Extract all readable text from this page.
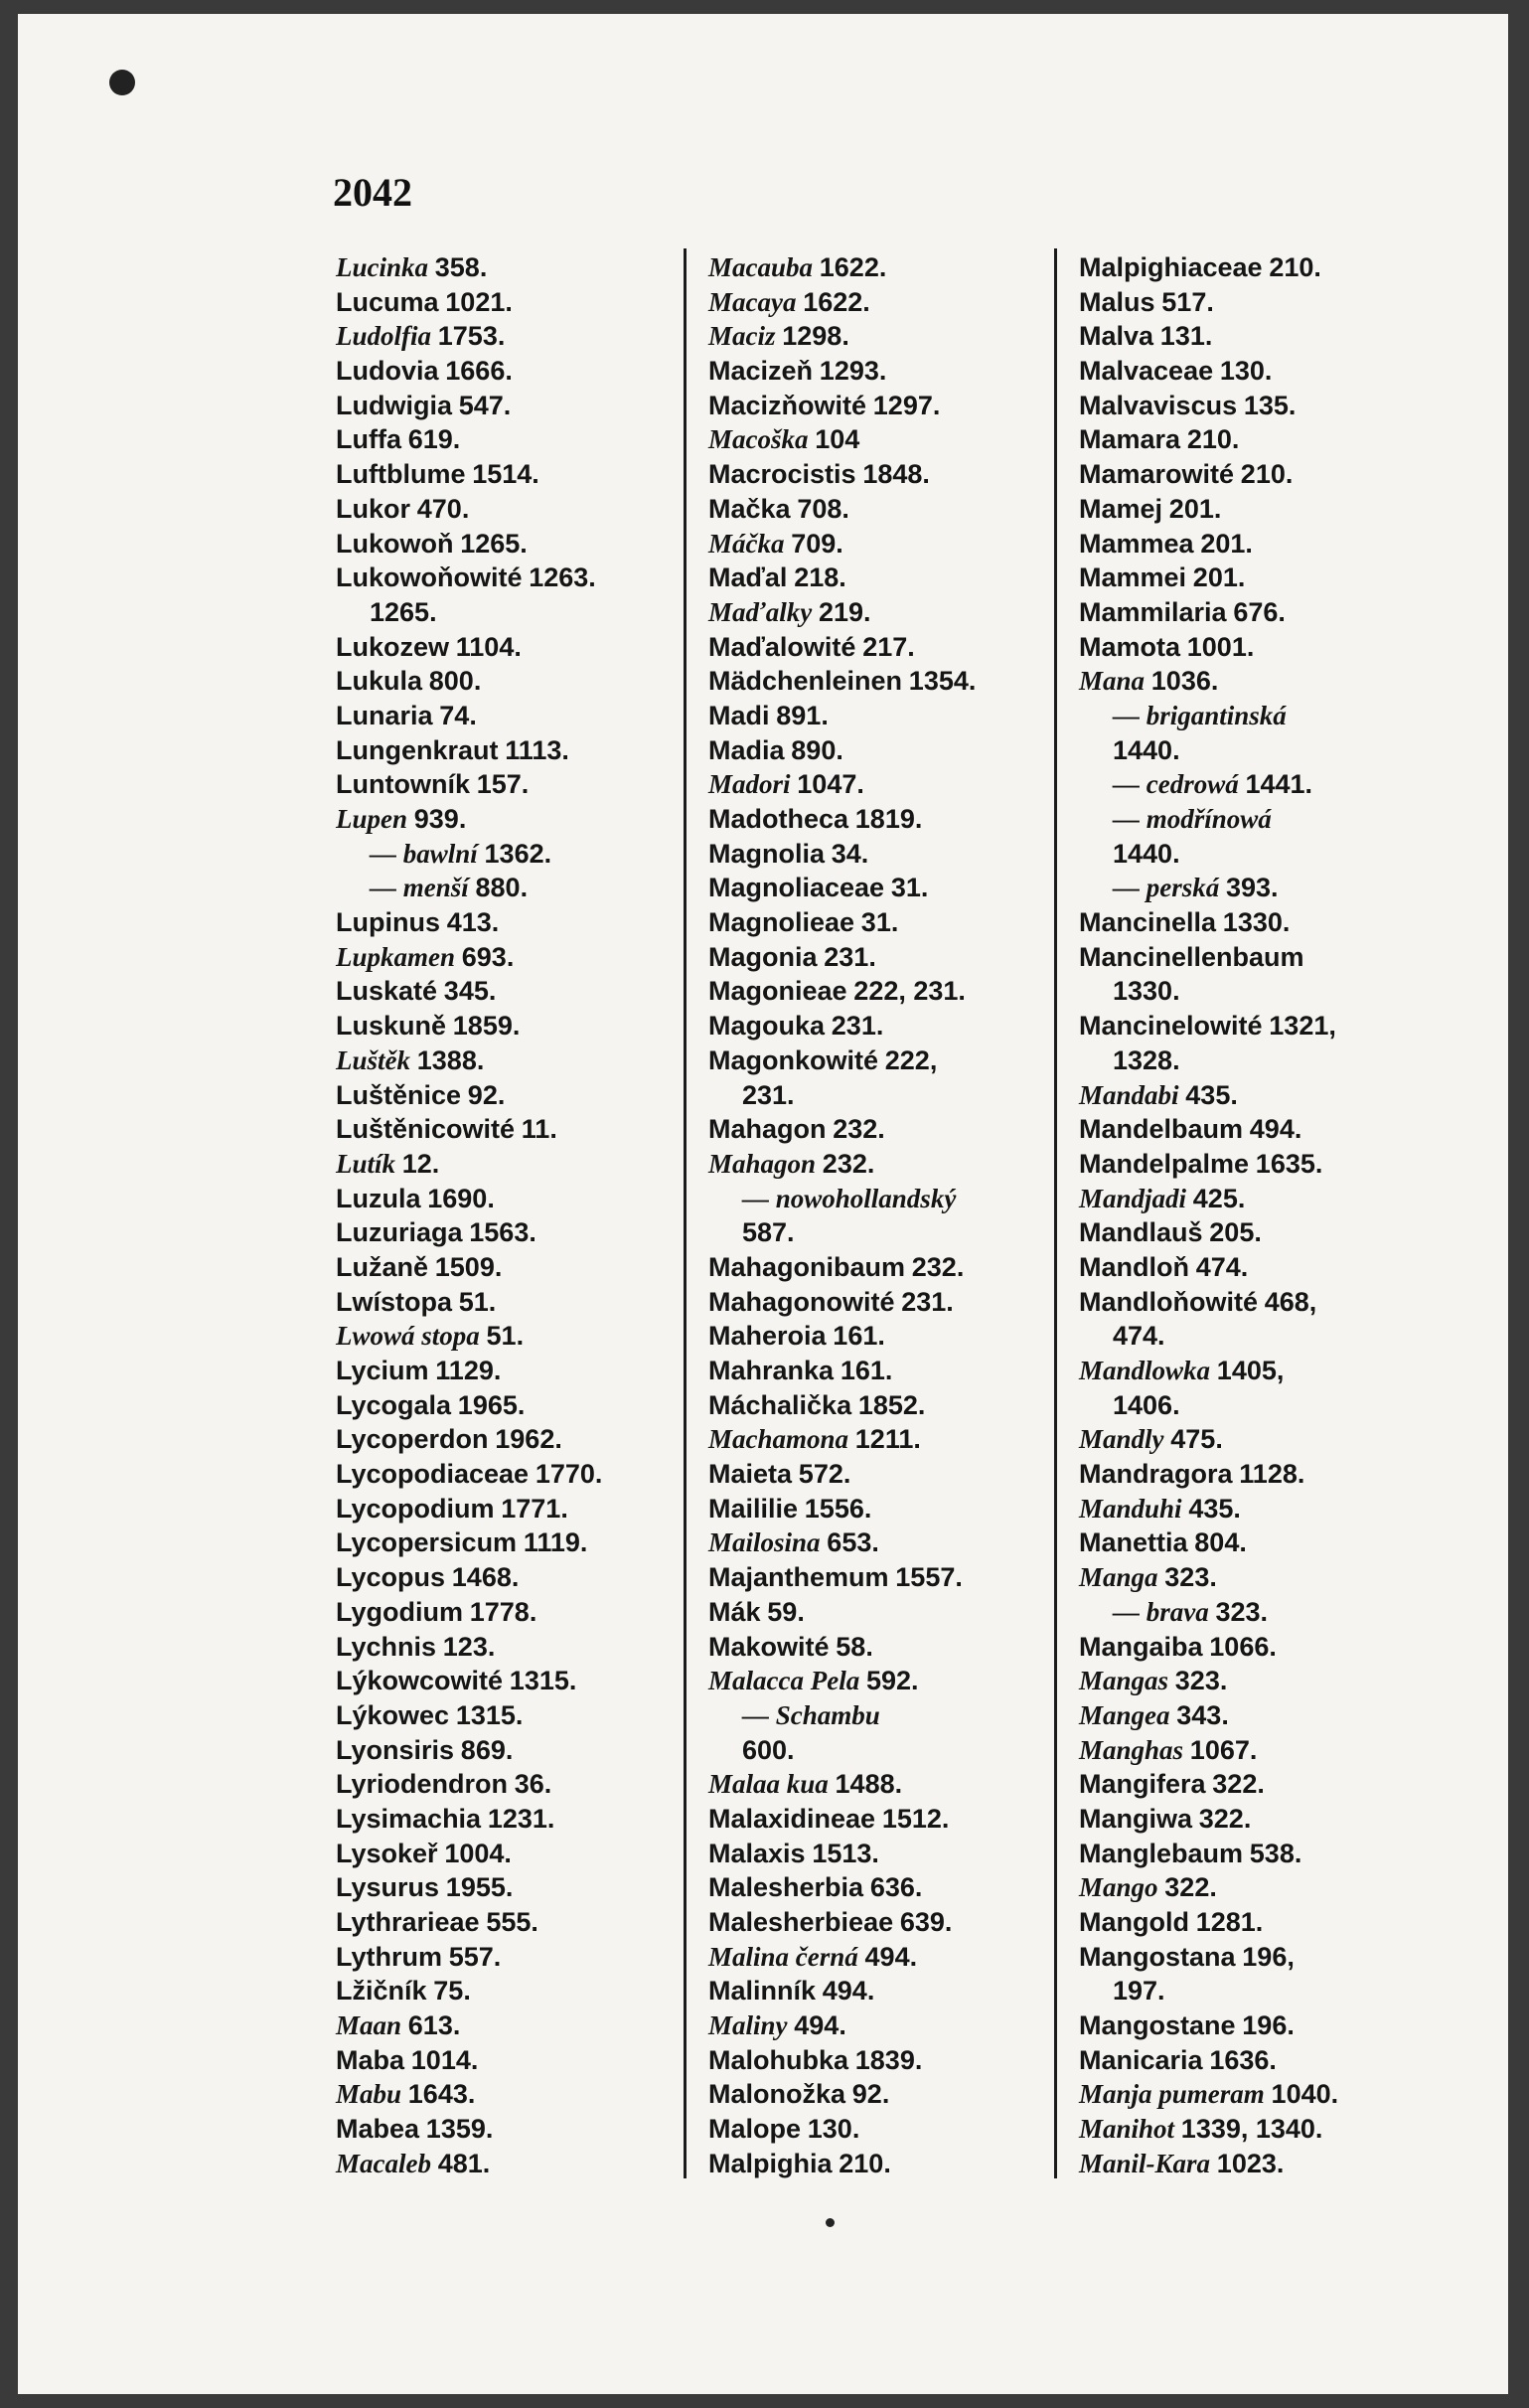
2042
Lucinka 358.
Lucuma 1021.
Ludolfia 1753.
Ludovia 1666.
Ludwigia 547.
Luffa 619.
Luftblume 1514.
Lukor 470.
Lukowoň 1265.
Lukowoňowité 1263.
1265.
Lukozew 1104.
Lukula 800.
Lunaria 74.
Lungenkraut 1113.
Luntowník 157.
Lupen 939.
— bawlní 1362.
— menší 880.
Lupinus 413.
Lupkamen 693.
Luskaté 345.
Luskuně 1859.
Luštěk 1388.
Luštěnice 92.
Luštěnicowité 11.
Lutík 12.
Luzula 1690.
Luzuriaga 1563.
Lužaně 1509.
Lwístopa 51.
Lwowá stopa 51.
Lycium 1129.
Lycogala 1965.
Lycoperdon 1962.
Lycopodiaceae 1770.
Lycopodium 1771.
Lycopersicum 1119.
Lycopus 1468.
Lygodium 1778.
Lychnis 123.
Lýkowcowité 1315.
Lýkowec 1315.
Lyonsiris 869.
Lyriodendron 36.
Lysimachia 1231.
Lysokeř 1004.
Lysurus 1955.
Lythrarieae 555.
Lythrum 557.
Lžičník 75.
Maan 613.
Maba 1014.
Mabu 1643.
Mabea 1359.
Macaleb 481.
Macauba 1622.
Macaya 1622.
Maciz 1298.
Macizeň 1293.
Macizňowité 1297.
Macoška 104
Macrocistis 1848.
Mačka 708.
Máčka 709.
Maďal 218.
Maďalky 219.
Maďalowité 217.
Mädchenleinen 1354.
Madi 891.
Madia 890.
Madori 1047.
Madotheca 1819.
Magnolia 34.
Magnoliaceae 31.
Magnolieae 31.
Magonia 231.
Magonieae 222, 231.
Magouka 231.
Magonkowité 222,
231.
Mahagon 232.
Mahagon 232.
— nowohollandský
587.
Mahagonibaum 232.
Mahagonowité 231.
Maheroia 161.
Mahranka 161.
Máchalička 1852.
Machamona 1211.
Maieta 572.
Maililie 1556.
Mailosina 653.
Majanthemum 1557.
Mák 59.
Makowité 58.
Malacca Pela 592.
— Schambu
600.
Malaa kua 1488.
Malaxidineae 1512.
Malaxis 1513.
Malesherbia 636.
Malesherbieae 639.
Malina černá 494.
Malinník 494.
Maliny 494.
Malohubka 1839.
Malonožka 92.
Malope 130.
Malpighia 210.
Malpighiaceae 210.
Malus 517.
Malva 131.
Malvaceae 130.
Malvaviscus 135.
Mamara 210.
Mamarowité 210.
Mamej 201.
Mammea 201.
Mammei 201.
Mammilaria 676.
Mamota 1001.
Mana 1036.
— brigantinská
1440.
— cedrowá 1441.
— modřínowá
1440.
— perská 393.
Mancinella 1330.
Mancinellenbaum
1330.
Mancinelowité 1321,
1328.
Mandabi 435.
Mandelbaum 494.
Mandelpalme 1635.
Mandjadi 425.
Mandlauš 205.
Mandloň 474.
Mandloňowité 468,
474.
Mandlowka 1405,
1406.
Mandly 475.
Mandragora 1128.
Manduhi 435.
Manettia 804.
Manga 323.
— brava 323.
Mangaiba 1066.
Mangas 323.
Mangea 343.
Manghas 1067.
Mangifera 322.
Mangiwa 322.
Manglebaum 538.
Mango 322.
Mangold 1281.
Mangostana 196,
197.
Mangostane 196.
Manicaria 1636.
Manja pumeram 1040.
Manihot 1339, 1340.
Manil-Kara 1023.
